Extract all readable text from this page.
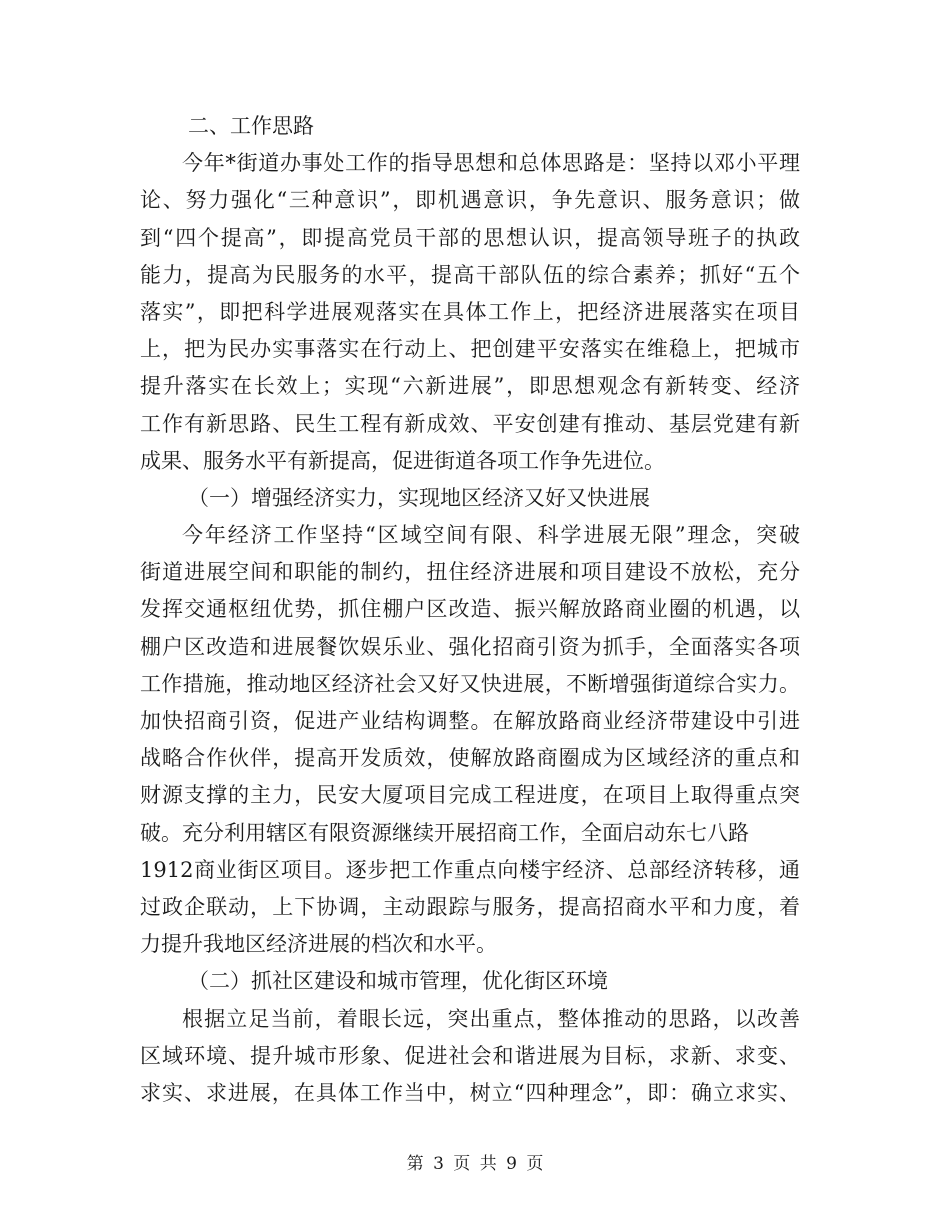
二、工作思路
今年*街道办事处工作的指导思想和总体思路是：坚持以邓小平理
论、努力强化“三种意识”，即机遇意识，争先意识、服务意识；做
到“四个提高”，即提高党员干部的思想认识，提高领导班子的执政
能力，提高为民服务的水平，提高干部队伍的综合素养；抓好“五个
落实”，即把科学进展观落实在具体工作上，把经济进展落实在项目
上，把为民办实事落实在行动上、把创建平安落实在维稳上，把城市
提升落实在长效上；实现“六新进展”，即思想观念有新转变、经济
工作有新思路、民生工程有新成效、平安创建有推动、基层党建有新
成果、服务水平有新提高，促进街道各项工作争先进位。
（一）增强经济实力，实现地区经济又好又快进展
今年经济工作坚持“区域空间有限、科学进展无限”理念，突破
街道进展空间和职能的制约，扭住经济进展和项目建设不放松，充分
发挥交通枢纽优势，抓住棚户区改造、振兴解放路商业圈的机遇，以
棚户区改造和进展餐饮娱乐业、强化招商引资为抓手，全面落实各项
工作措施，推动地区经济社会又好又快进展，不断增强街道综合实力。
加快招商引资，促进产业结构调整。在解放路商业经济带建设中引进
战略合作伙伴，提高开发质效，使解放路商圈成为区域经济的重点和
财源支撑的主力，民安大厦项目完成工程进度，在项目上取得重点突
破。充分利用辖区有限资源继续开展招商工作，全面启动东七八路
1912商业街区项目。逐步把工作重点向楼宇经济、总部经济转移，通
过政企联动，上下协调，主动跟踪与服务，提高招商水平和力度，着
力提升我地区经济进展的档次和水平。
（二）抓社区建设和城市管理，优化街区环境
根据立足当前，着眼长远，突出重点，整体推动的思路，以改善
区域环境、提升城市形象、促进社会和谐进展为目标，求新、求变、
求实、求进展，在具体工作当中，树立“四种理念”，即：确立求实、
第 3 页 共 9 页
